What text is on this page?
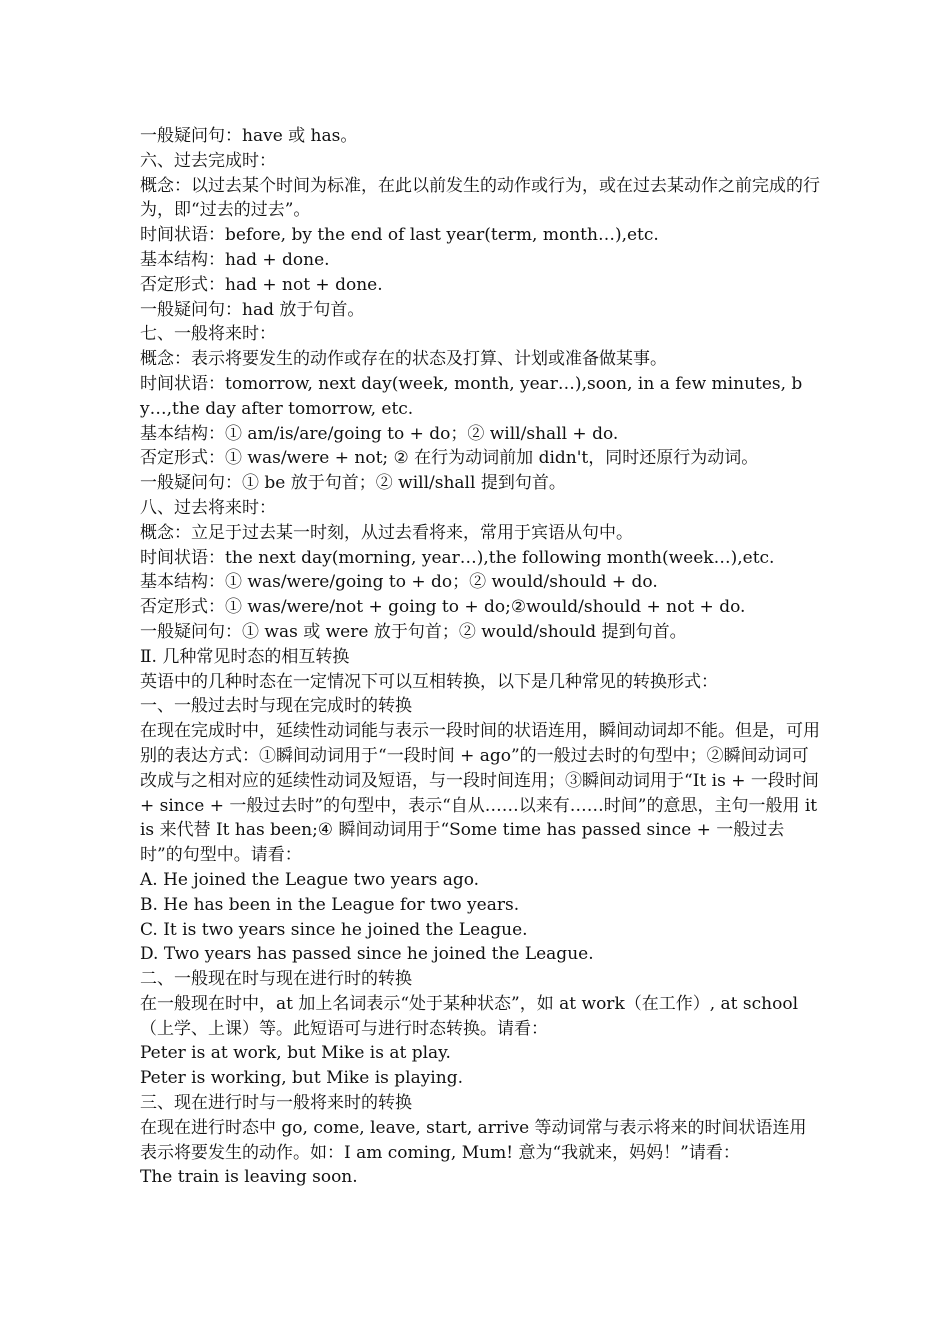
一般疑问句：have 或 has。

六、过去完成时：

概念：以过去某个时间为标准，在此以前发生的动作或行为，或在过去某动作之前完成的行为，即“过去的过去”。

时间状语：before, by the end of last year(term, month…),etc.

基本结构：had + done.

否定形式：had + not + done.

一般疑问句：had 放于句首。

七、一般将来时：

概念：表示将要发生的动作或存在的状态及打算、计划或准备做某事。

时间状语：tomorrow, next day(week, month, year…),soon, in a few minutes, by…,the day after tomorrow, etc.

基本结构：① am/is/are/going to + do；② will/shall + do.

否定形式：① was/were + not; ② 在行为动词前加 didn't，同时还原行为动词。

一般疑问句：① be 放于句首；② will/shall 提到句首。

八、过去将来时：

概念：立足于过去某一时刻，从过去看将来，常用于宾语从句中。

时间状语：the next day(morning, year…),the following month(week…),etc.

基本结构：① was/were/going to + do；② would/should + do.

否定形式：① was/were/not + going to + do;②would/should + not + do.

一般疑问句：① was 或 were 放于句首；② would/should 提到句首。

Ⅱ. 几种常见时态的相互转换

英语中的几种时态在一定情况下可以互相转换，以下是几种常见的转换形式：

一、一般过去时与现在完成时的转换

在现在完成时中，延续性动词能与表示一段时间的状语连用，瞬间动词却不能。但是，可用别的表达方式：①瞬间动词用于“一段时间 + ago”的一般过去时的句型中；②瞬间动词可改成与之相对应的延续性动词及短语，与一段时间连用；③瞬间动词用于“It is + 一段时间 + since + 一般过去时”的句型中，表示“自从……以来有……时间”的意思，主句一般用 it is 来代替 It has been;④ 瞬间动词用于“Some time has passed since + 一般过去时”的句型中。请看：

A. He joined the League two years ago.

B. He has been in the League for two years.

C. It is two years since he joined the League.

D. Two years has passed since he joined the League.

二、一般现在时与现在进行时的转换

在一般现在时中，at 加上名词表示“处于某种状态”，如 at work（在工作）, at school（上学、上课）等。此短语可与进行时态转换。请看：

Peter is at work, but Mike is at play.

Peter is working, but Mike is playing.

三、现在进行时与一般将来时的转换

在现在进行时态中 go, come, leave, start, arrive 等动词常与表示将来的时间状语连用表示将要发生的动作。如：I am coming, Mum! 意为“我就来，妈妈！”请看：

The train is leaving soon.
